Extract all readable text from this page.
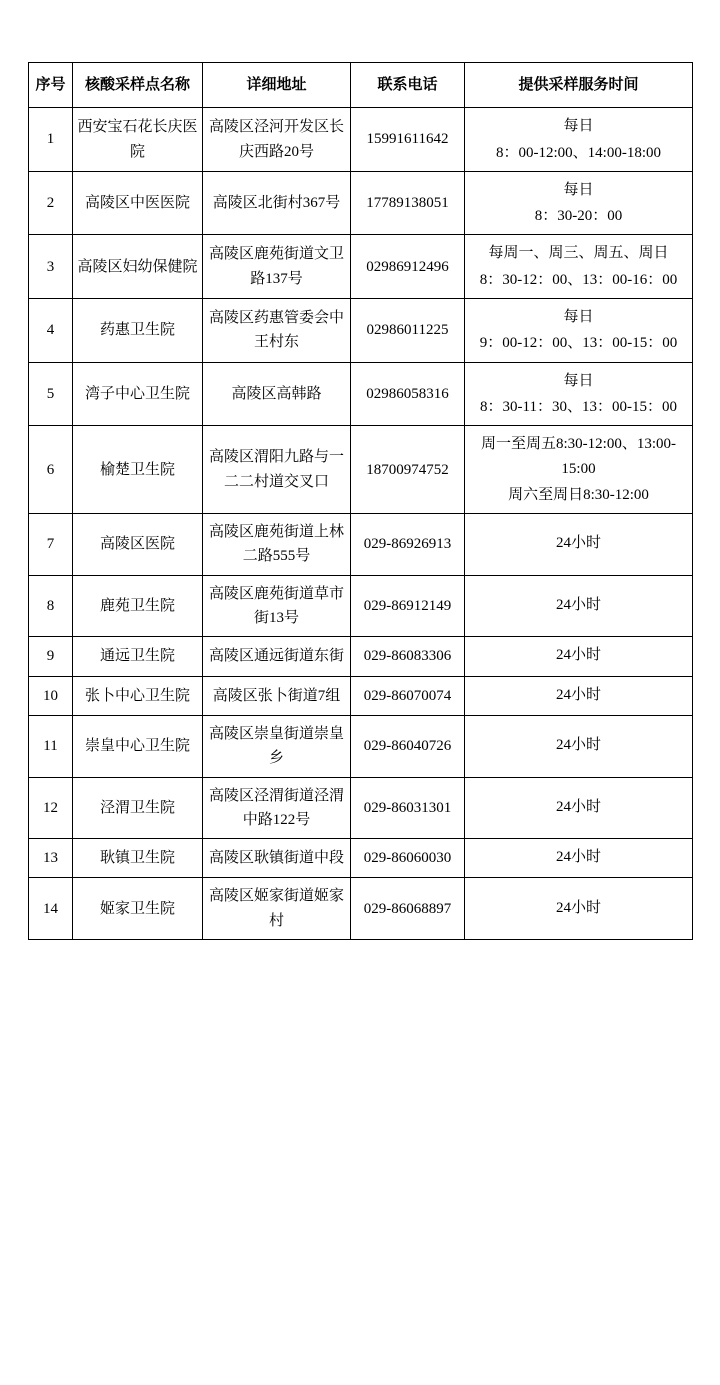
序号	核酸采样点名称	详细地址	联系电话	提供采样服务时间
1	西安宝石花长庆医院	高陵区泾河开发区长庆西路20号	15991611642	每日
8：00-12:00、14:00-18:00

2	高陵区中医医院	高陵区北街村367号	17789138051	每日
8：30-20：00

3	高陵区妇幼保健院	高陵区鹿苑街道文卫路137号	02986912496	每周一、周三、周五、周日
8：30-12：00、13：00-16：00

4	药惠卫生院	高陵区药惠管委会中王村东	02986011225	每日
9：00-12：00、13：00-15：00

5	湾子中心卫生院	高陵区高韩路	02986058316	每日
8：30-11：30、13：00-15：00

6	榆楚卫生院	高陵区渭阳九路与一二二村道交叉口	18700974752	周一至周五8:30-12:00、13:00-15:00
周六至周日8:30-12:00

7	高陵区医院	高陵区鹿苑街道上林二路555号	029-86926913	24小时

8	鹿苑卫生院	高陵区鹿苑街道草市街13号	029-86912149	24小时

9	通远卫生院	高陵区通远街道东街	029-86083306	24小时

10	张卜中心卫生院	高陵区张卜街道7组	029-86070074	24小时

11	崇皇中心卫生院	高陵区崇皇街道崇皇乡	029-86040726	24小时

12	泾渭卫生院	高陵区泾渭街道泾渭中路122号	029-86031301	24小时

13	耿镇卫生院	高陵区耿镇街道中段	029-86060030	24小时

14	姬家卫生院	高陵区姬家街道姬家村	029-86068897	24小时
